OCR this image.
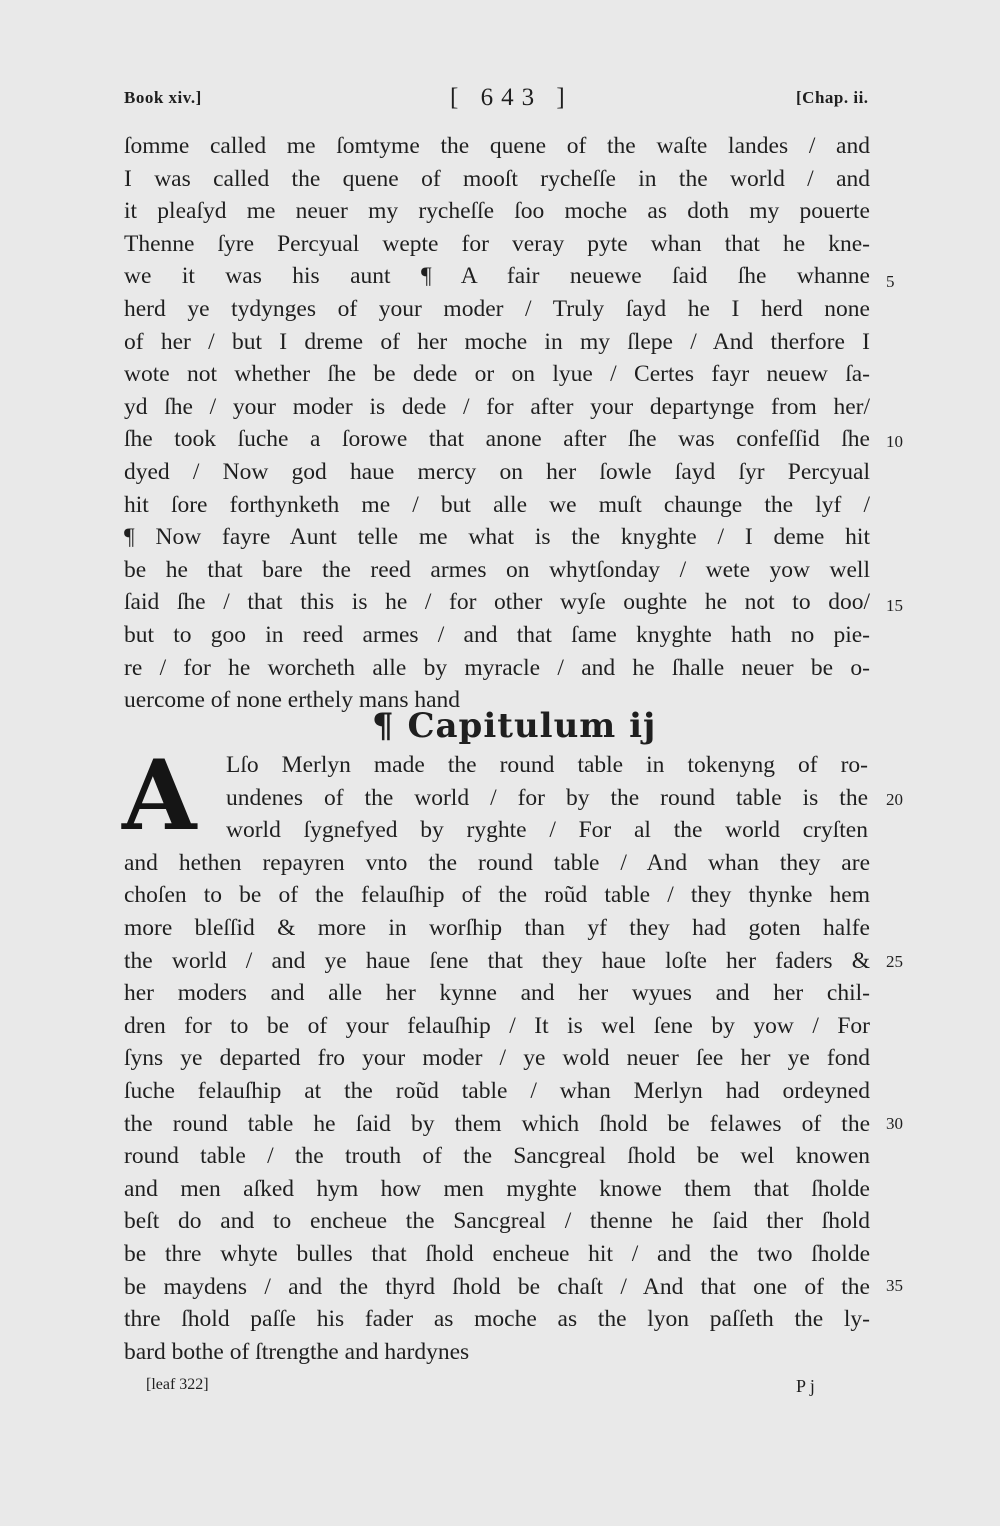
Book xiv.]	[ 643 ]	[Chap. ii.
ſomme called me ſomtyme the quene of the waſte landes / and
I was called the quene of mooſt rycheſſe in the world / and
it pleaſyd me neuer my rycheſſe ſoo moche as doth my pouerte
Thenne ſyre Percyual wepte for veray pyte whan that he kne-
we it was his aunt ¶ A fair neuewe ſaid ſhe whanne
herd ye tydynges of your moder / Truly ſayd he I herd none
of her / but I dreme of her moche in my ſlepe / And therfore I
wote not whether ſhe be dede or on lyue / Certes fayr neuew ſa-
yd ſhe / your moder is dede / for after your departynge from her/
ſhe took ſuche a ſorowe that anone after ſhe was confeſſid ſhe
dyed / Now god haue mercy on her ſowle ſayd ſyr Percyual
hit ſore forthynketh me / but alle we muſt chaunge the lyf /
¶ Now fayre Aunt telle me what is the knyghte / I deme hit
be he that bare the reed armes on whytſonday / wete yow well
ſaid ſhe / that this is he / for other wyſe oughte he not to doo/
but to goo in reed armes / and that ſame knyghte hath no pie-
re / for he worcheth alle by myracle / and he ſhalle neuer be o-
uercome of none erthely mans hand
¶ Capitulum ij
A	Lſo Merlyn made the round table in tokenyng of ro-
undenes of the world / for by the round table is the
world ſygnefyed by ryghte / For al the world cryſten
and hethen repayren vnto the round table / And whan they are
choſen to be of the felauſhip of the roũd table / they thynke hem
more bleſſid & more in worſhip than yf they had goten halfe
the world / and ye haue ſene that they haue loſte her faders &
her moders and alle her kynne and her wyues and her chil-
dren for to be of your felauſhip / It is wel ſene by yow / For
ſyns ye departed fro your moder / ye wold neuer ſee her ye fond
ſuche felauſhip at the roũd table / whan Merlyn had ordeyned
the round table he ſaid by them which ſhold be felawes of the
round table / the trouth of the Sancgreal ſhold be wel knowen
and men aſked hym how men myghte knowe them that ſholde
beſt do and to encheue the Sancgreal / thenne he ſaid ther ſhold
be thre whyte bulles that ſhold encheue hit / and the two ſholde
be maydens / and the thyrd ſhold be chaſt / And that one of the
thre ſhold paſſe his fader as moche as the lyon paſſeth the ly-
bard bothe of ſtrengthe and hardynes
5
10
15
20
25
30
35
[leaf 322]	P j
